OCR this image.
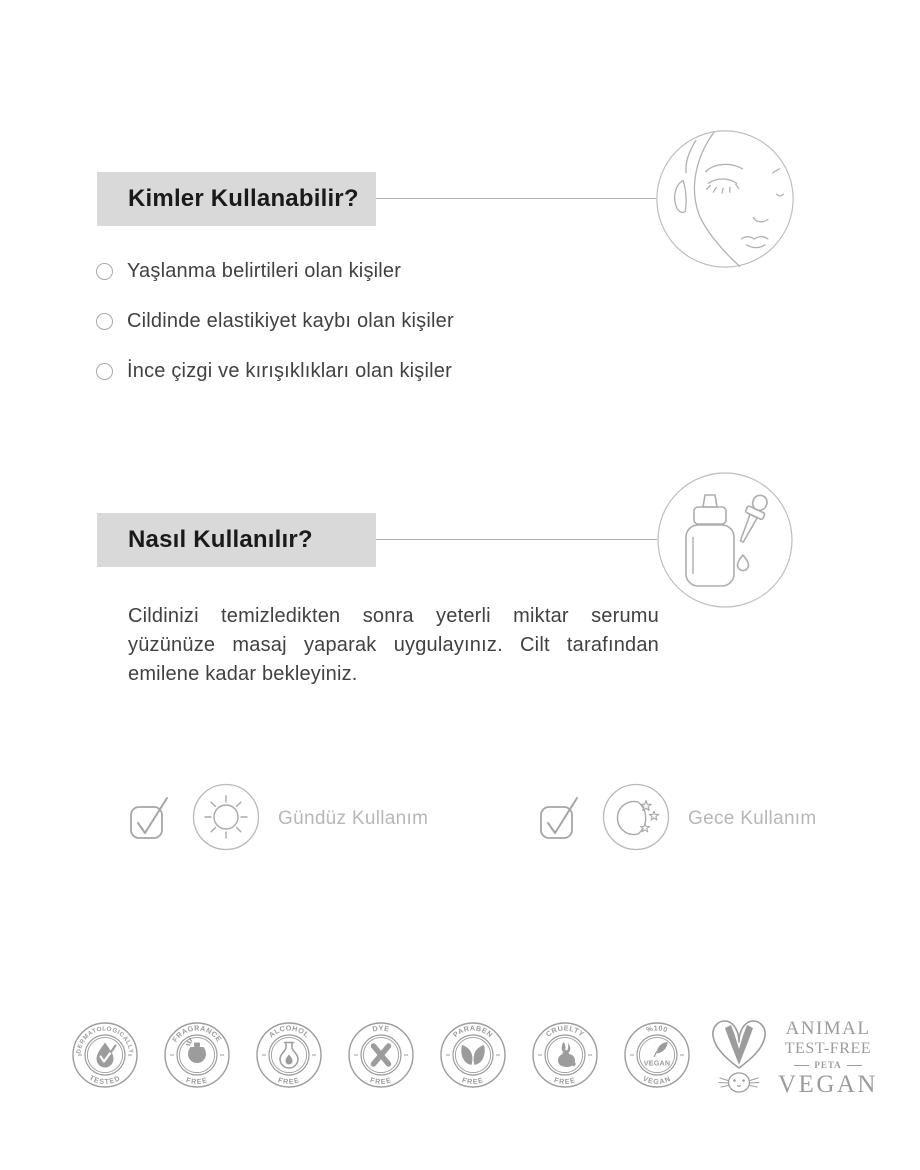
Kimler Kullanabilir?
Yaşlanma belirtileri olan kişiler
Cildinde elastikiyet kaybı olan kişiler
İnce çizgi ve kırışıklıkları olan kişiler
Nasıl Kullanılır?
Cildinizi temizledikten sonra yeterli miktar serumu
yüzünüze masaj yaparak uygulayınız. Cilt tarafından
emilene kadar bekleyiniz.
Gündüz Kullanım	Gece Kullanım
DERMATOLOGICALLY
TESTED
FRAGRANCE
FREE
ALCOHOL
FREE
DYE
FREE
PARABEN
FREE
CRUELTY
FREE
%100
VEGAN
VEGAN
ANIMAL
TEST-FREE
PETA
VEGAN
